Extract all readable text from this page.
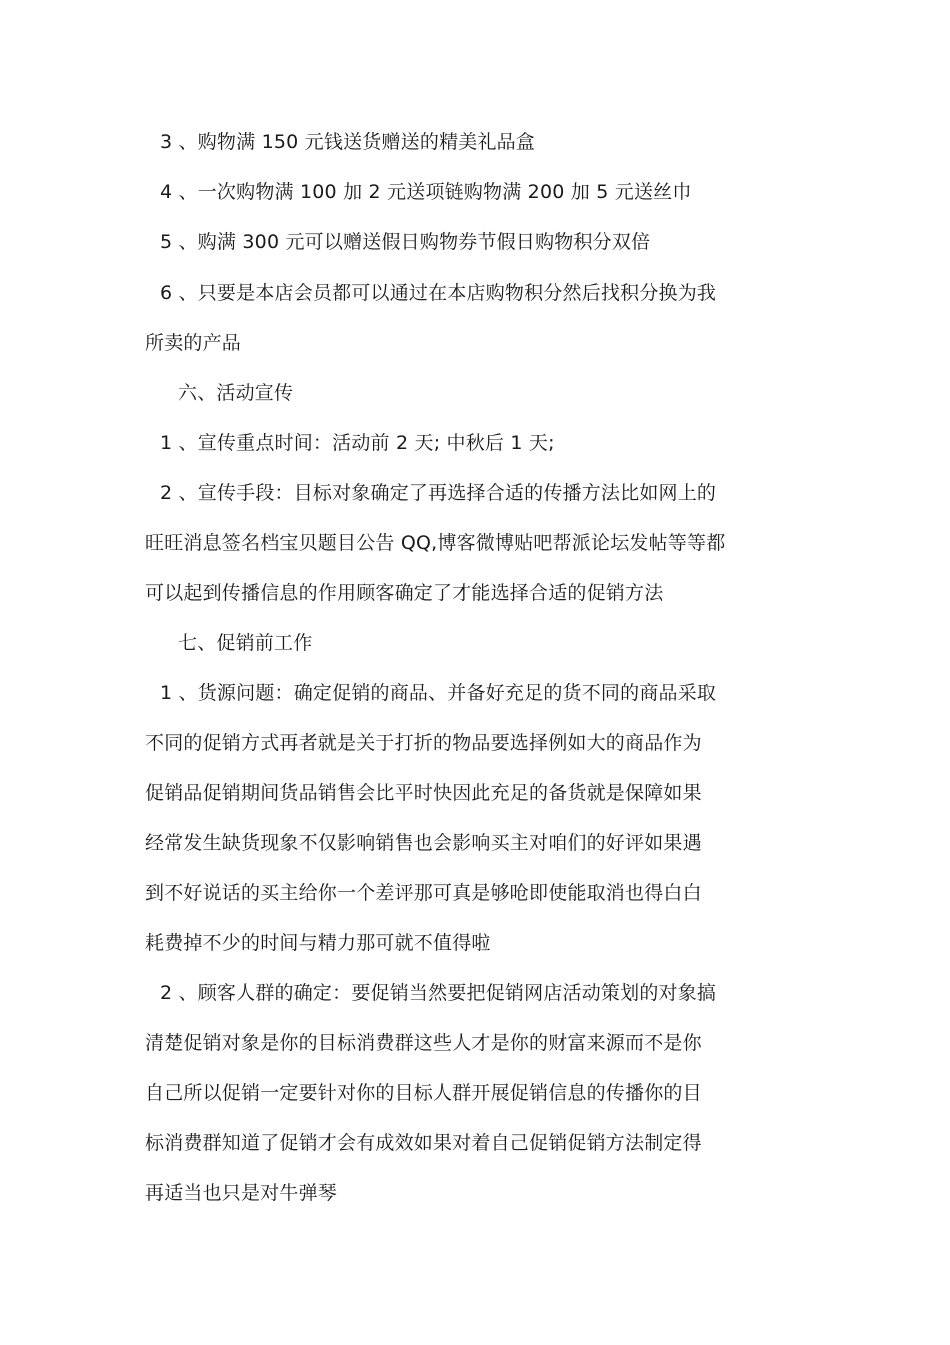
3 、购物满 150 元钱送货赠送的精美礼品盒
4 、一次购物满 100 加 2 元送项链购物满 200 加 5 元送丝巾
5 、购满 300 元可以赠送假日购物券节假日购物积分双倍
6 、只要是本店会员都可以通过在本店购物积分然后找积分换为我
所卖的产品
六、活动宣传
1 、宣传重点时间：活动前 2 天; 中秋后 1 天;
2 、宣传手段：目标对象确定了再选择合适的传播方法比如网上的
旺旺消息签名档宝贝题目公告 QQ,博客微博贴吧帮派论坛发帖等等都
可以起到传播信息的作用顾客确定了才能选择合适的促销方法
七、促销前工作
1 、货源问题：确定促销的商品、并备好充足的货不同的商品采取
不同的促销方式再者就是关于打折的物品要选择例如大的商品作为
促销品促销期间货品销售会比平时快因此充足的备货就是保障如果
经常发生缺货现象不仅影响销售也会影响买主对咱们的好评如果遇
到不好说话的买主给你一个差评那可真是够呛即使能取消也得白白
耗费掉不少的时间与精力那可就不值得啦
2 、顾客人群的确定：要促销当然要把促销网店活动策划的对象搞
清楚促销对象是你的目标消费群这些人才是你的财富来源而不是你
自己所以促销一定要针对你的目标人群开展促销信息的传播你的目
标消费群知道了促销才会有成效如果对着自己促销促销方法制定得
再适当也只是对牛弹琴
